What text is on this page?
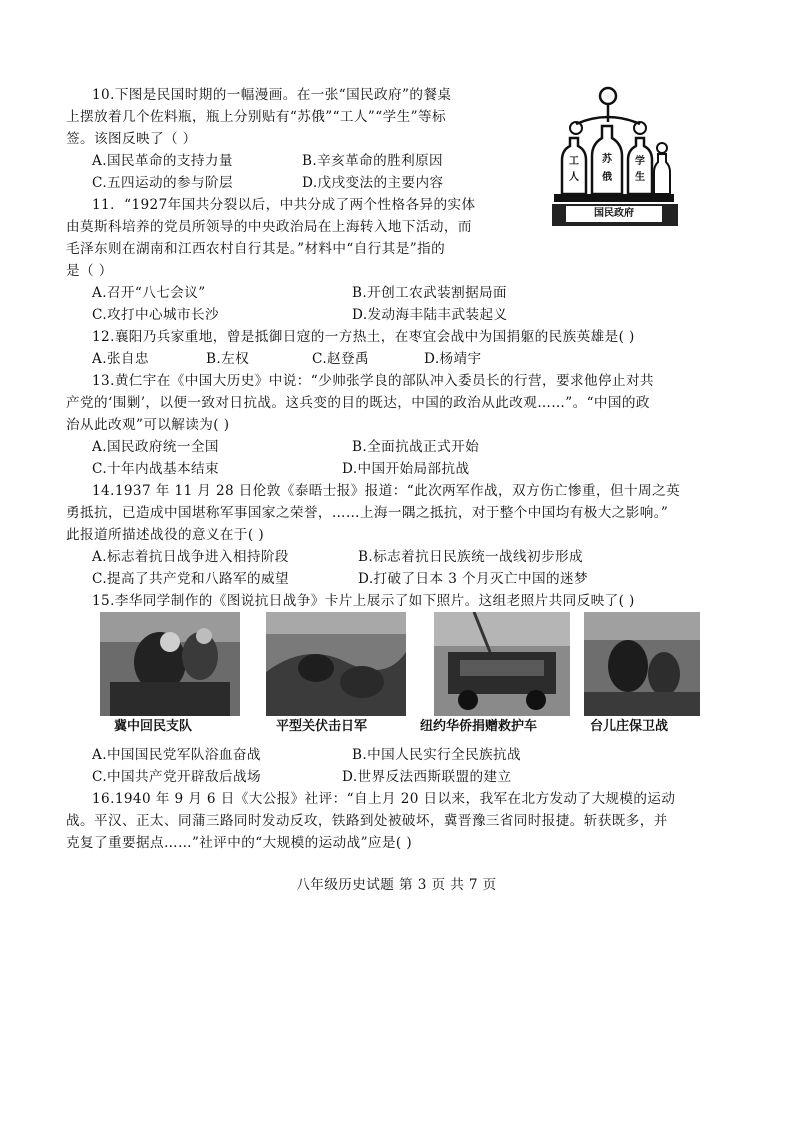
10.下图是民国时期的一幅漫画。在一张“国民政府”的餐桌
上摆放着几个佐料瓶，瓶上分别贴有“苏俄”“工人”“学生”等标
签。该图反映了（ ）
A.国民革命的支持力量	B.辛亥革命的胜利原因
C.五四运动的参与阶层	D.戊戌变法的主要内容
工
人
苏
俄
学
生
国民政府
11．“1927年国共分裂以后，中共分成了两个性格各异的实体
由莫斯科培养的党员所领导的中央政治局在上海转入地下活动，而
毛泽东则在湖南和江西农村自行其是。”材料中“自行其是”指的
是（ ）
A.召开“八七会议”	B.开创工农武装割据局面
C.攻打中心城市长沙	D.发动海丰陆丰武装起义
12.襄阳乃兵家重地，曾是抵御日寇的一方热土，在枣宜会战中为国捐躯的民族英雄是( )
A.张自忠	B.左权	C.赵登禹	D.杨靖宇
13.黄仁宇在《中国大历史》中说：“少帅张学良的部队冲入委员长的行营，要求他停止对共
产党的‘围剿’，以便一致对日抗战。这兵变的目的既达，中国的政治从此改观……”。“中国的政
治从此改观”可以解读为( )
A.国民政府统一全国	B.全面抗战正式开始
C.十年内战基本结束	D.中国开始局部抗战
14.1937 年 11 月 28 日伦敦《泰晤士报》报道：“此次两军作战，双方伤亡惨重，但十周之英
勇抵抗，已造成中国堪称军事国家之荣誉，……上海一隅之抵抗，对于整个中国均有极大之影响。”
此报道所描述战役的意义在于( )
A.标志着抗日战争进入相持阶段	B.标志着抗日民族统一战线初步形成
C.提高了共产党和八路军的威望	D.打破了日本 3 个月灭亡中国的迷梦
15.李华同学制作的《图说抗日战争》卡片上展示了如下照片。这组老照片共同反映了( )
冀中回民支队	平型关伏击日军	纽约华侨捐赠救护车	台儿庄保卫战
A.中国国民党军队浴血奋战	B.中国人民实行全民族抗战
C.中国共产党开辟敌后战场	D.世界反法西斯联盟的建立
16.1940 年 9 月 6 日《大公报》社评：“自上月 20 日以来，我军在北方发动了大规模的运动
战。平汉、正太、同蒲三路同时发动反攻，铁路到处被破坏，冀晋豫三省同时报捷。斩获既多，并
克复了重要据点……”社评中的“大规模的运动战”应是( )
八年级历史试题 第 3 页 共 7 页
